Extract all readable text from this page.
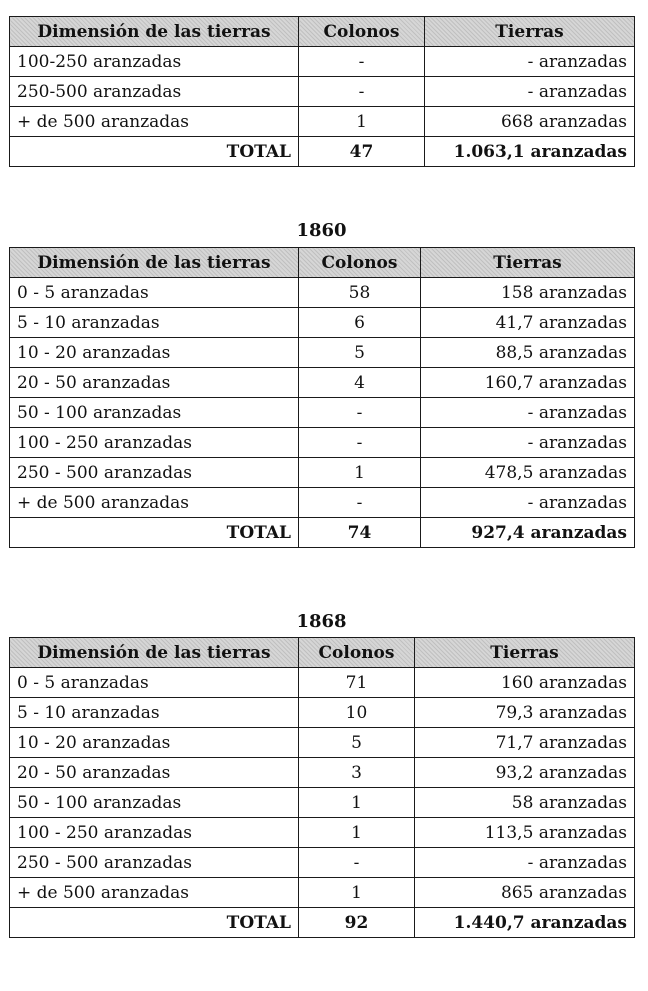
Dimensión de las tierras	Colonos	Tierras
100-250 aranzadas	-	- aranzadas
250-500 aranzadas	-	- aranzadas
+ de 500 aranzadas	1	668 aranzadas
TOTAL	47	1.063,1 aranzadas
1860
Dimensión de las tierras	Colonos	Tierras
0 - 5 aranzadas	58	158 aranzadas
5 - 10 aranzadas	6	41,7 aranzadas
10 - 20 aranzadas	5	88,5 aranzadas
20 - 50 aranzadas	4	160,7 aranzadas
50 - 100 aranzadas	-	- aranzadas
100 - 250 aranzadas	-	- aranzadas
250 - 500 aranzadas	1	478,5 aranzadas
+ de 500 aranzadas	-	- aranzadas
TOTAL	74	927,4 aranzadas
1868
Dimensión de las tierras	Colonos	Tierras
0 - 5 aranzadas	71	160 aranzadas
5 - 10 aranzadas	10	79,3 aranzadas
10 - 20 aranzadas	5	71,7 aranzadas
20 - 50 aranzadas	3	93,2 aranzadas
50 - 100 aranzadas	1	58 aranzadas
100 - 250 aranzadas	1	113,5 aranzadas
250 - 500 aranzadas	-	- aranzadas
+ de 500 aranzadas	1	865 aranzadas
TOTAL	92	1.440,7 aranzadas
